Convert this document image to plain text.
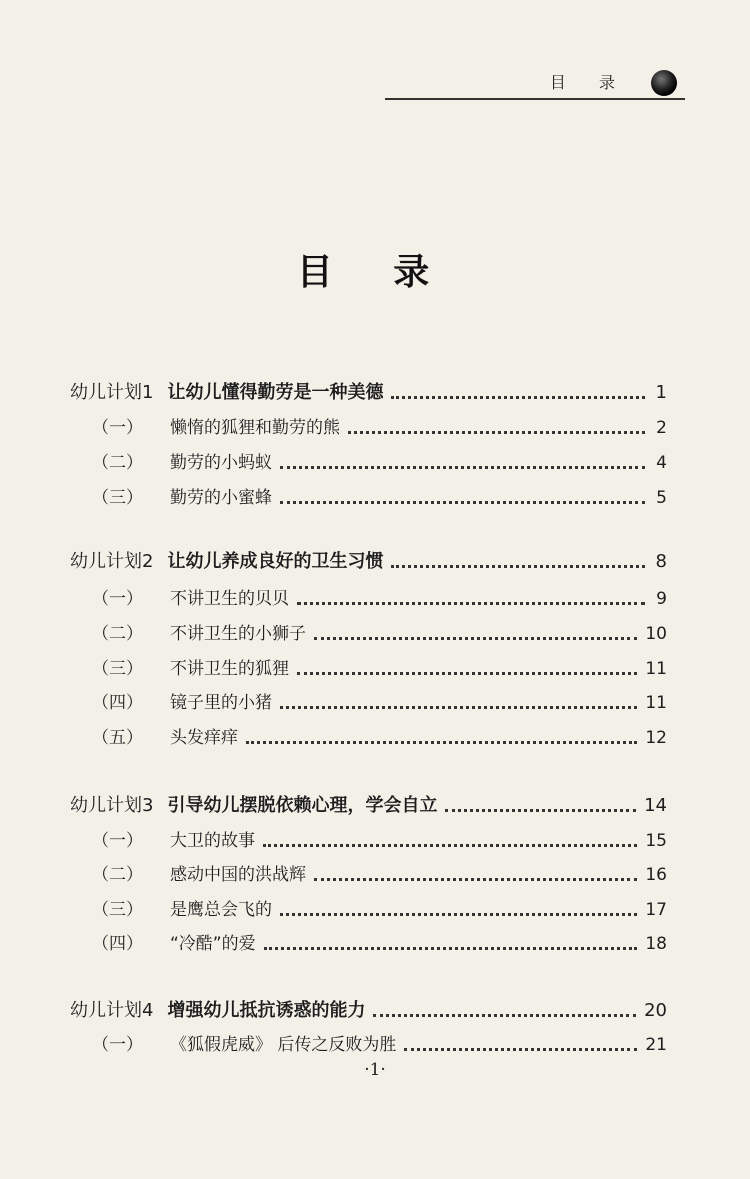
目 录
目 录
幼儿计划1 让幼儿懂得勤劳是一种美德	1
（一）	懒惰的狐狸和勤劳的熊	2
（二）	勤劳的小蚂蚁	4
（三）	勤劳的小蜜蜂	5
幼儿计划2 让幼儿养成良好的卫生习惯	8
（一）	不讲卫生的贝贝	9
（二）	不讲卫生的小狮子	10
（三）	不讲卫生的狐狸	11
（四）	镜子里的小猪	11
（五）	头发痒痒	12
幼儿计划3 引导幼儿摆脱依赖心理，学会自立	14
（一）	大卫的故事	15
（二）	感动中国的洪战辉	16
（三）	是鹰总会飞的	17
（四）	“冷酷”的爱	18
幼儿计划4 增强幼儿抵抗诱惑的能力	20
（一）	《狐假虎威》 后传之反败为胜	21
·1·
